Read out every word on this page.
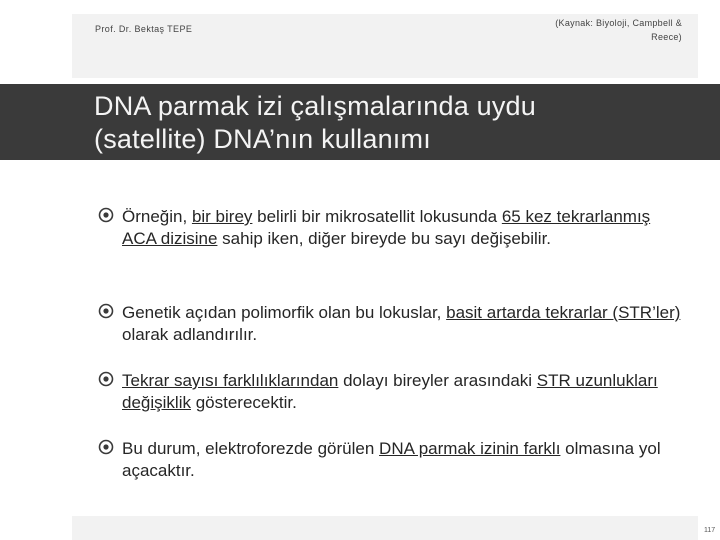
Prof. Dr. Bektaş TEPE
(Kaynak: Biyoloji, Campbell &
Reece)
DNA parmak izi çalışmalarında uydu
(satellite) DNA’nın kullanımı
Örneğin, bir birey belirli bir mikrosatellit lokusunda 65 kez tekrarlanmış ACA dizisine sahip iken, diğer bireyde bu sayı değişebilir.
Genetik açıdan polimorfik olan bu lokuslar, basit artarda tekrarlar (STR’ler) olarak adlandırılır.
Tekrar sayısı farklılıklarından dolayı bireyler arasındaki STR uzunlukları değişiklik gösterecektir.
Bu durum, elektroforezde görülen DNA parmak izinin farklı olmasına yol açacaktır.
117
